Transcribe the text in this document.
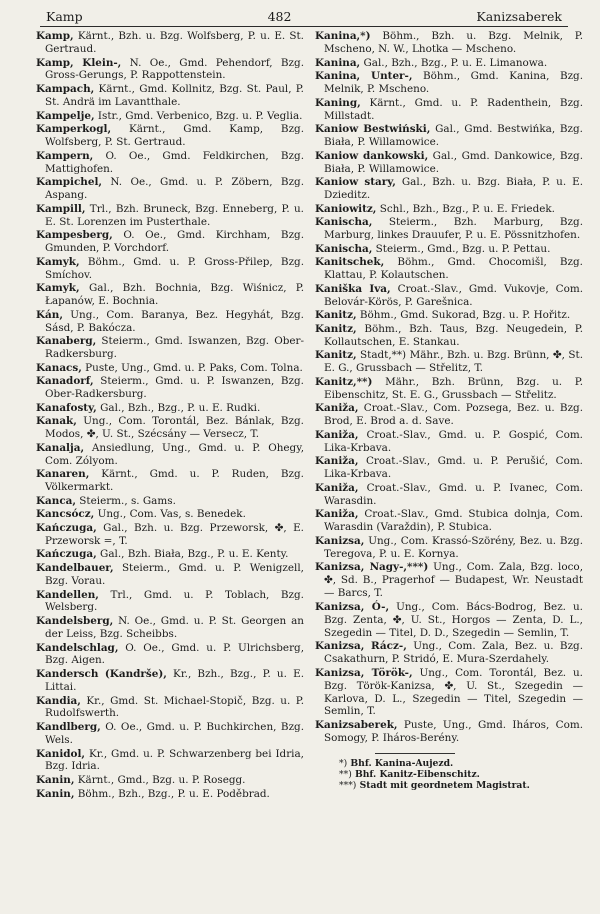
Kamp	482	Kanizsaberek
Kamp, Kärnt., Bzh. u. Bzg. Wolfsberg, P. u. E. St. Gertraud.
Kamp, Klein-, N. Oe., Gmd. Pehendorf, Bzg. Gross-Gerungs, P. Rappottenstein.
Kampach, Kärnt., Gmd. Kollnitz, Bzg. St. Paul, P. St. Andrä im Lavantthale.
Kampelje, Istr., Gmd. Verbenico, Bzg. u. P. Veglia.
Kamperkogl, Kärnt., Gmd. Kamp, Bzg. Wolfsberg, P. St. Gertraud.
Kampern, O. Oe., Gmd. Feldkirchen, Bzg. Mattighofen.
Kampichel, N. Oe., Gmd. u. P. Zöbern, Bzg. Aspang.
Kampill, Trl., Bzh. Bruneck, Bzg. Enneberg, P. u. E. St. Lorenzen im Pusterthale.
Kampesberg, O. Oe., Gmd. Kirchham, Bzg. Gmunden, P. Vorchdorf.
Kamyk, Böhm., Gmd. u. P. Gross-Přilep, Bzg. Smíchov.
Kamyk, Gal., Bzh. Bochnia, Bzg. Wiśnicz, P. Łapanów, E. Bochnia.
Kán, Ung., Com. Baranya, Bez. Hegyhát, Bzg. Sásd, P. Bakócza.
Kanaberg, Steierm., Gmd. Iswanzen, Bzg. Ober-Radkersburg.
Kanacs, Puste, Ung., Gmd. u. P. Paks, Com. Tolna.
Kanadorf, Steierm., Gmd. u. P. Iswanzen, Bzg. Ober-Radkersburg.
Kanafosty, Gal., Bzh., Bzg., P. u. E. Rudki.
Kanak, Ung., Com. Torontál, Bez. Bánlak, Bzg. Modos, ✤, U. St., Szécsány — Versecz, T.
Kanalja, Ansiedlung, Ung., Gmd. u. P. Ohegy, Com. Zólyom.
Kanaren, Kärnt., Gmd. u. P. Ruden, Bzg. Völkermarkt.
Kanca, Steierm., s. Gams.
Kancsócz, Ung., Com. Vas, s. Benedek.
Kańczuga, Gal., Bzh. u. Bzg. Przeworsk, ✤, E. Przeworsk =, T.
Kańczuga, Gal., Bzh. Biała, Bzg., P. u. E. Kenty.
Kandelbauer, Steierm., Gmd. u. P. Wenigzell, Bzg. Vorau.
Kandellen, Trl., Gmd. u. P. Toblach, Bzg. Welsberg.
Kandelsberg, N. Oe., Gmd. u. P. St. Georgen an der Leiss, Bzg. Scheibbs.
Kandelschlag, O. Oe., Gmd. u. P. Ulrichsberg, Bzg. Aigen.
Kandersch (Kandrše), Kr., Bzh., Bzg., P. u. E. Littai.
Kandia, Kr., Gmd. St. Michael-Stopič, Bzg. u. P. Rudolfswerth.
Kandlberg, O. Oe., Gmd. u. P. Buchkirchen, Bzg. Wels.
Kanidol, Kr., Gmd. u. P. Schwarzenberg bei Idria, Bzg. Idria.
Kanin, Kärnt., Gmd., Bzg. u. P. Rosegg.
Kanin, Böhm., Bzh., Bzg., P. u. E. Poděbrad.
Kanina,*) Böhm., Bzh. u. Bzg. Melnik, P. Mscheno, N. W., Lhotka — Mscheno.
Kanina, Gal., Bzh., Bzg., P. u. E. Limanowa.
Kanina, Unter-, Böhm., Gmd. Kanina, Bzg. Melnik, P. Mscheno.
Kaning, Kärnt., Gmd. u. P. Radenthein, Bzg. Millstadt.
Kaniow Bestwiński, Gal., Gmd. Bestwińka, Bzg. Biała, P. Willamowice.
Kaniow dankowski, Gal., Gmd. Dankowice, Bzg. Biała, P. Willamowice.
Kaniow stary, Gal., Bzh. u. Bzg. Biała, P. u. E. Dzieditz.
Kaniowitz, Schl., Bzh., Bzg., P. u. E. Friedek.
Kanischa, Steierm., Bzh. Marburg, Bzg. Marburg, linkes Drauufer, P. u. E. Pössnitzhofen.
Kanischa, Steierm., Gmd., Bzg. u. P. Pettau.
Kanitschek, Böhm., Gmd. Chocomišl, Bzg. Klattau, P. Kolautschen.
Kaniška Iva, Croat.-Slav., Gmd. Vukovje, Com. Belovár-Körös, P. Garešnica.
Kanitz, Böhm., Gmd. Sukorad, Bzg. u. P. Hořitz.
Kanitz, Böhm., Bzh. Taus, Bzg. Neugedein, P. Kollautschen, E. Stankau.
Kanitz, Stadt,**) Mähr., Bzh. u. Bzg. Brünn, ✤, St. E. G., Grussbach — Střelitz, T.
Kanitz,**) Mähr., Bzh. Brünn, Bzg. u. P. Eibenschitz, St. E. G., Grussbach — Střelitz.
Kaniža, Croat.-Slav., Com. Pozsega, Bez. u. Bzg. Brod, E. Brod a. d. Save.
Kaniža, Croat.-Slav., Gmd. u. P. Gospić, Com. Lika-Krbava.
Kaniža, Croat.-Slav., Gmd. u. P. Perušić, Com. Lika-Krbava.
Kaniža, Croat.-Slav., Gmd. u. P. Ivanec, Com. Warasdin.
Kaniža, Croat.-Slav., Gmd. Stubica dolnja, Com. Warasdin (Varaždin), P. Stubica.
Kanizsa, Ung., Com. Krassó-Szörény, Bez. u. Bzg. Teregova, P. u. E. Kornya.
Kanizsa, Nagy-,***) Ung., Com. Zala, Bzg. loco, ✤, Sd. B., Pragerhof — Budapest, Wr. Neustadt — Barcs, T.
Kanizsa, Ó-, Ung., Com. Bács-Bodrog, Bez. u. Bzg. Zenta, ✤, U. St., Horgos — Zenta, D. L., Szegedin — Titel, D. D., Szegedin — Semlin, T.
Kanizsa, Rácz-, Ung., Com. Zala, Bez. u. Bzg. Csakathurn, P. Stridó, E. Mura-Szerdahely.
Kanizsa, Török-, Ung., Com. Torontál, Bez. u. Bzg. Török-Kanizsa, ✤, U. St., Szegedin — Karlova, D. L., Szegedin — Titel, Szegedin — Semlin, T.
Kanizsaberek, Puste, Ung., Gmd. Iháros, Com. Somogy, P. Iháros-Berény.
*) Bhf. Kanina-Aujezd.
**) Bhf. Kanitz-Eibenschitz.
***) Stadt mit geordnetem Magistrat.
